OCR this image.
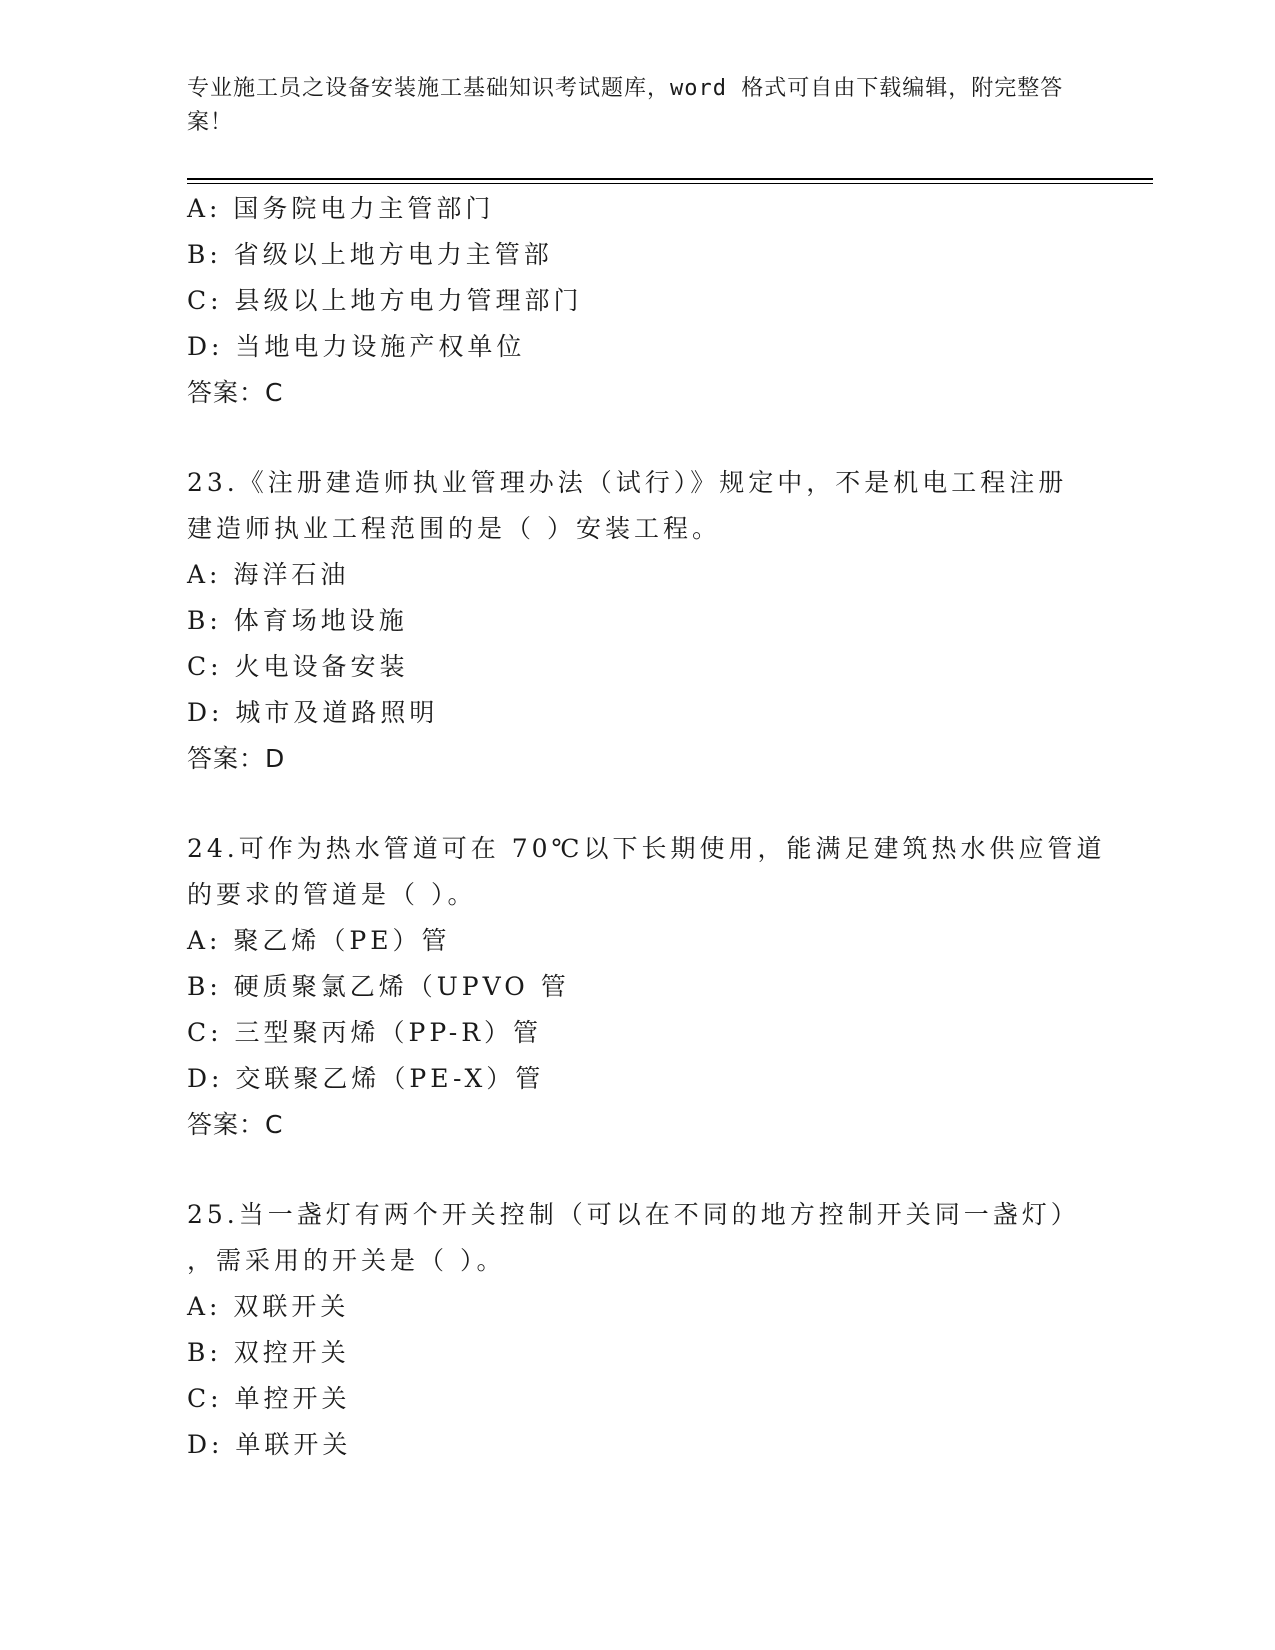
专业施工员之设备安装施工基础知识考试题库，word 格式可自由下载编辑，附完整答案！
A: 国务院电力主管部门
B: 省级以上地方电力主管部
C: 县级以上地方电力管理部门
D: 当地电力设施产权单位
答案：C
23.《注册建造师执业管理办法（试行）》规定中，不是机电工程注册
建造师执业工程范围的是（ ）安装工程。
A: 海洋石油
B: 体育场地设施
C: 火电设备安装
D: 城市及道路照明
答案：D
24.可作为热水管道可在 70℃以下长期使用，能满足建筑热水供应管道
的要求的管道是（ ）。
A: 聚乙烯（PE）管
B: 硬质聚氯乙烯（UPVO 管
C: 三型聚丙烯（PP-R）管
D: 交联聚乙烯（PE-X）管
答案：C
25.当一盏灯有两个开关控制（可以在不同的地方控制开关同一盏灯）
，需采用的开关是（ ）。
A: 双联开关
B: 双控开关
C: 单控开关
D: 单联开关
